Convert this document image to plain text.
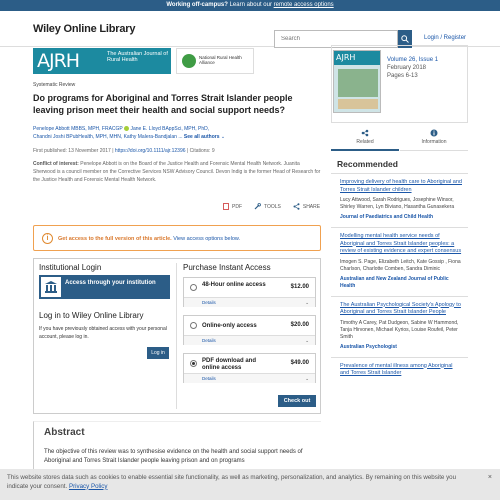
Working off-campus? Learn about our remote access options
Wiley Online Library
Search
Login / Register
AJRH	The Australian Journal of Rural Health	National Rural Health Alliance
Systematic Review
Do programs for Aboriginal and Torres Strait Islander people leaving prison meet their health and social support needs?
Penelope Abbott MBBS, MPH, FRACGP Jane E. Lloyd BAppSci, MPH, PhD,
Chandni Joshi BPubHealth, MPH, MHN, Kathy Malera-Bandjalan ... See all authors ⌄
First published: 13 November 2017 | https://doi.org/10.1111/ajr.12396 | Citations: 9
Conflict of interest: Penelope Abbott is on the Board of the Justice Health and Forensic Mental Health Network. Juanita Sherwood is a council member on the Corrective Services NSW Advisory Council. Devon Indig is the former Head of Research for the Justice Health and Forensic Mental Health Network.
PDF	TOOLS	SHARE
i	Get access to the full version of this article. View access options below.
Institutional Login
Access through your institution
Log in to Wiley Online Library
If you have previously obtained access with your personal account, please log in.
Log in
Purchase Instant Access
48-Hour online access	$12.00
Details	⌄
Online-only access	$20.00
Details	⌄
PDF download and online access
$49.00
Details	⌄
Check out
Abstract

The objective of this review was to synthesise evidence on the health and social support needs of Aboriginal and Torres Strait Islander people leaving prison and on programs

AJRH	Volume 26, Issue 1
February 2018
Pages 6-13
Related	Information
Recommended
Improving delivery of health care to Aboriginal and Torres Strait Islander children
Lucy Attwood, Sarah Rodrigues, Josephine Winsor, Shirley Warren, Lyn Biviano, Hasantha Gunasekera
Journal of Paediatrics and Child Health
Modelling mental health service needs of Aboriginal and Torres Strait Islander peoples: a review of existing evidence and expert consensus
Imogen S. Page, Elizabeth Leitch, Kate Gossip , Fiona Charlson, Charlotte Comben, Sandra Diminic
Australian and New Zealand Journal of Public Health
The Australian Psychological Society's Apology to Aboriginal and Torres Strait Islander People
Timothy A Carey, Pat Dudgeon, Sabine W Hammond, Tanja Hirvonen, Michael Kyrios, Louise Roufeil, Peter Smith
Australian Psychologist
Prevalence of mental illness among Aboriginal and Torres Strait Islander
This website stores data such as cookies to enable essential site functionality, as well as marketing, personalization, and analytics. By remaining on this website you indicate your consent. Privacy Policy
×
